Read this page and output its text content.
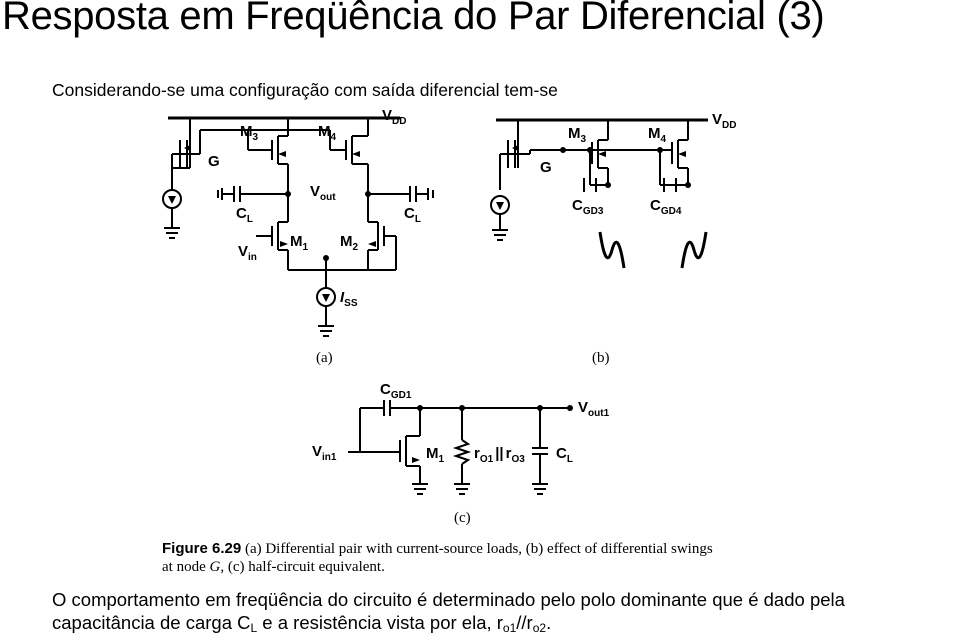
Resposta em Freqüência do Par Diferencial (3)
Considerando-se uma configuração com saída diferencial tem-se
$M_3$	$M_4$
$V_{DD}$
G
$V_{out}$
$C_L$	$C_L$
$M_1$ $M_2$
$V_{in}$
$I_{SS}$
$M_3$	$M_4$
$V_{DD}$
G
$C_{GD3}$	$C_{GD4}$
$C_{GD1}$
$V_{out1}$
$V_{in1}$	$M_1$ $r_{O1}$ || $r_{O3}$ $C_L$
(a)	(b)
(c)
Figure 6.29 (a) Differential pair with current-source loads, (b) effect of differential swings
at node G, (c) half-circuit equivalent.
O comportamento em freqüência do circuito é determinado pelo polo dominante que é dado pela
capacitância de carga $C_L$ e a resistência vista por ela, $r_{o1}//r_{o2}$.
